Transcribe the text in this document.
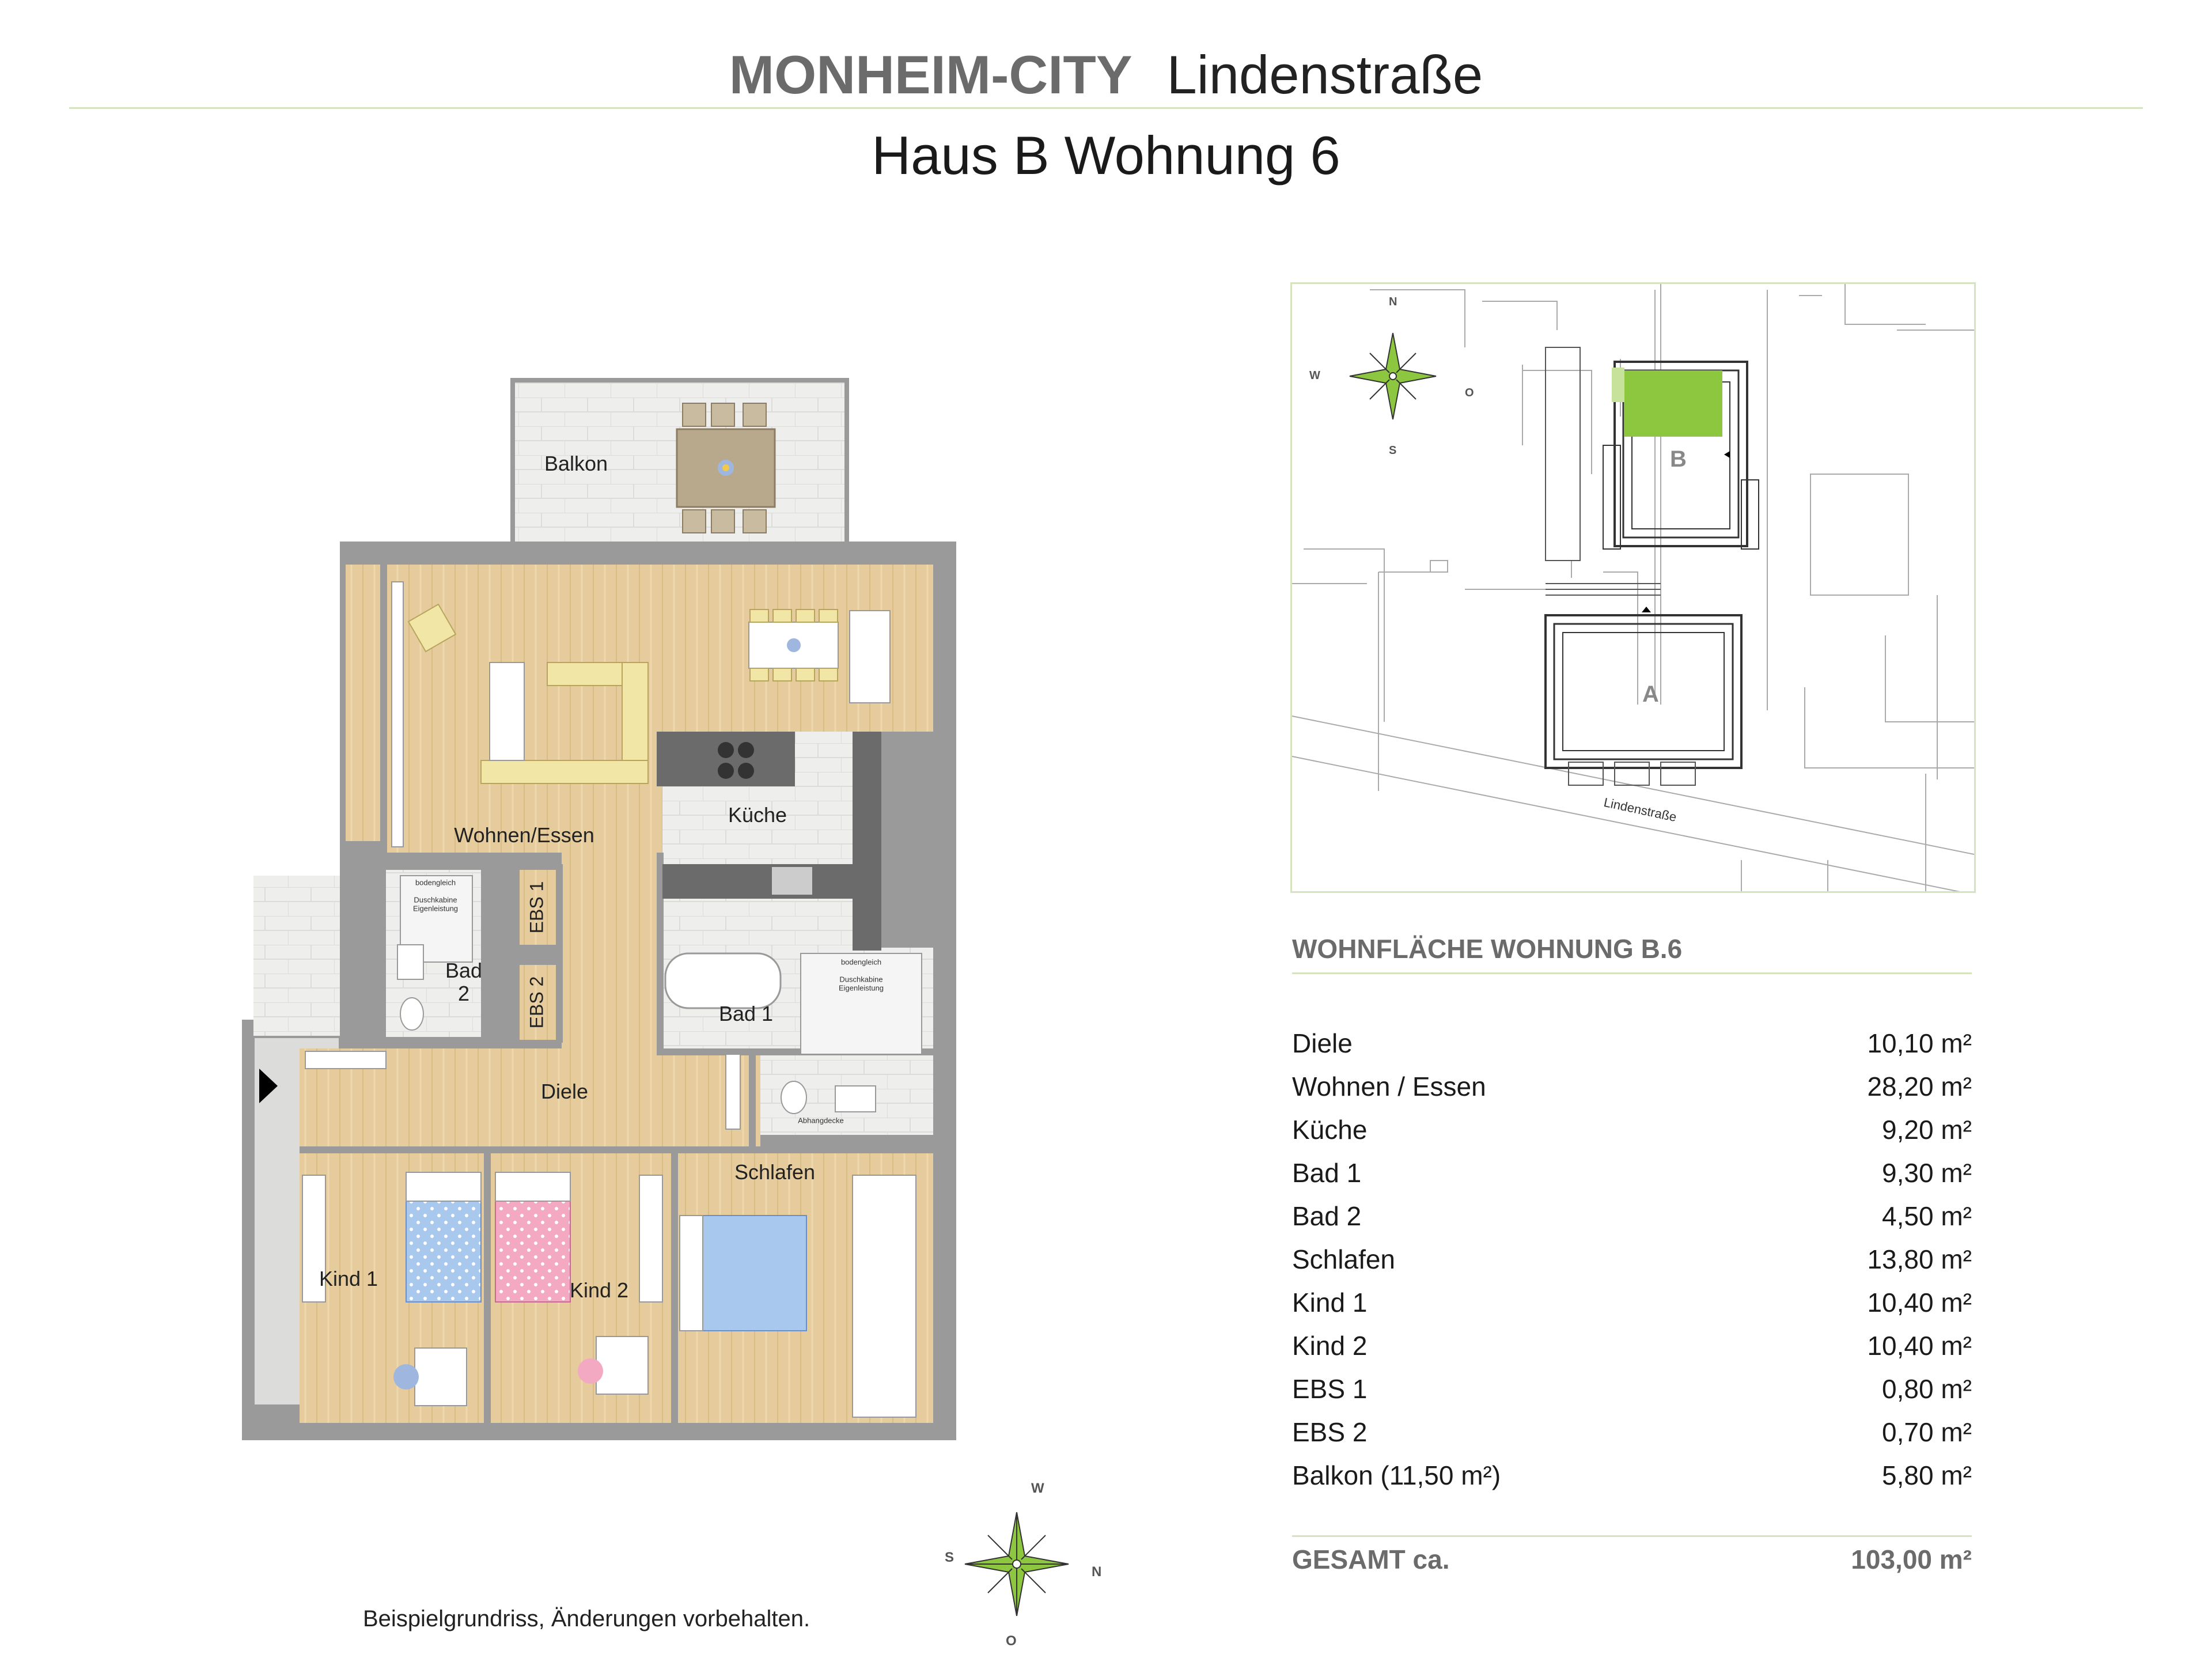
MONHEIM-CITY Lindenstraße
Haus B Wohnung 6
Balkon
Wohnen/Essen
Küche
EBS 1
EBS 2
Bad
2
Bad 1
Diele
Schlafen
Kind 1	Kind 2
bodengleich
Duschkabine
Eigenleistung
bodengleich
Duschkabine
Eigenleistung
Abhangdecke
N
S
W
O
B
A
Lindenstraße
WOHNFLÄCHE WOHNUNG B.6
Diele	10,10 m²
Wohnen / Essen	28,20 m²
Küche	9,20 m²
Bad 1	9,30 m²
Bad 2	4,50 m²
Schlafen	13,80 m²
Kind 1	10,40 m²
Kind 2	10,40 m²
EBS 1	0,80 m²
EBS 2	0,70 m²
Balkon (11,50 m²)	5,80 m²
GESAMT ca.	103,00 m²
W
S
N
O
Beispielgrundriss, Änderungen vorbehalten.
